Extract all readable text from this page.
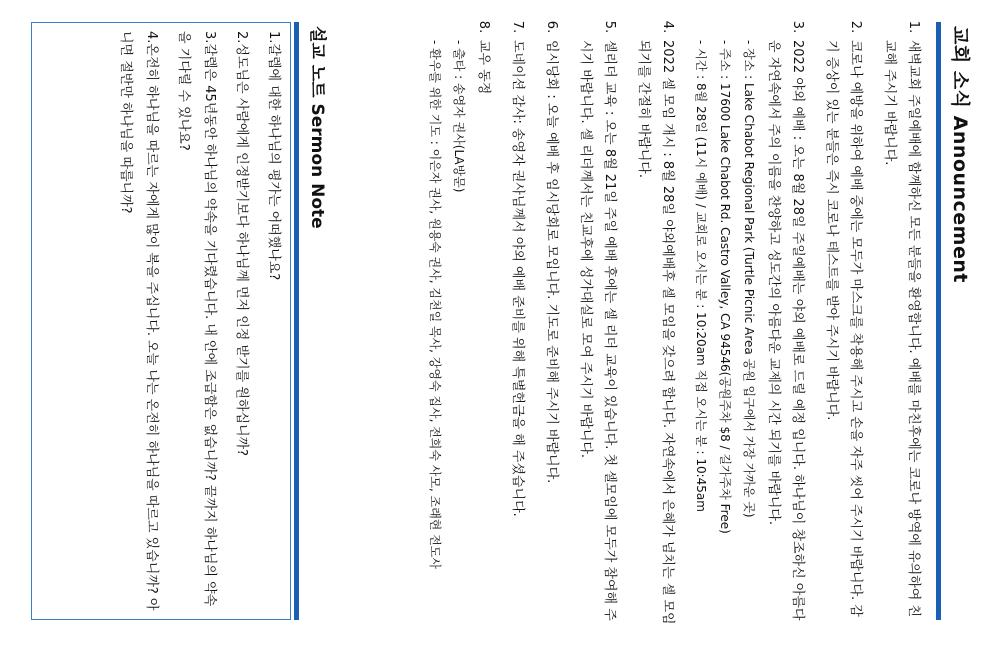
교회 소식 Announcement
1.
새벽교회 주일예배에 함께하신 모든 분들을 환영합니다. 예배를 마친후에는 코로나 방역에 유의하여 친교해 주시기 바랍니다.
2.
코로나 예방을 위하여 예배 중에는 모두가 마스크를 착용해 주시고 손을 자주 씻어 주시기 바랍니다. 감기 증상이 있는 분들은 즉시 코로나 테스트를 받아 주시기 바랍니다.
3.
2022 야외 예배 : 오는 8월 28일 주일예배는 야외 예배로 드릴 예정 입니다. 하나님이 창조하신 아름다운 자연속에서 주의 이름을 찬양하고 성도간의 아름다운 교제의 시간 되기를 바랍니다.
- 장소 : Lake Chabot Regional Park (Turtle Picnic Area 공원 입구에서 가장 가까운 곳)
- 주소 : 17600 Lake Chabot Rd. Castro Valley, CA 94546(공원주차 $8 / 길가주차 Free)
- 시간 : 8월 28일 (11시 예배) / 교회로 오시는 분 : 10:20am 직접 오시는 분 : 10:45am
4.
2022 셀 모임 개시 : 8월 28일 야외예배후 셀 모임을 갖으려 합니다. 자연속에서 은혜가 넘치는 셀 모임 되기를 간절히 바랍니다.
5.
셀리더 교육 : 오는 8월 21일 주일 예배 후에는 셀 리더 교육이 있습니다. 첫 셀모임에 모두가 참여해 주시기 바랍니다. 셀 리더께서는 친교후에 성가대실로 모여 주시기 바랍니다.
6.
임시당회 : 오늘 예배 후 임시당회로 모입니다. 기도로 준비해 주시기 바랍니다.
7.
도네이션 감사: 송영자 권사님께서 야외 예배 준비를 위해 특별헌금을 해 주셨습니다.
8.
교우 동정
- 출타 : 송영자 권사(LA방문)
- 환우를 위한 기도 : 이은자 권사, 원용숙 권사, 김천일 목사, 강영숙 집사, 전희숙 사모, 조래현 전도사
설교 노트 Sermon Note

1.갈렙에 대한 하나님의 평가는 어떠했나요?

2.성도님은 사람에게 인정받기보다 하나님께 먼저 인정 받기를 원하십니까?

3.갈렙은 45년동안 하나님의 약속을 기다렸습니다. 내 안에 조급함은 없습니까? 끝까지 하나님의 약속을 기다릴 수 있나요?

4.온전히 하나님을 따르는 자에게 많이 복을 주십니다. 오늘 나는 온전히 하나님을 따르고 있습니까? 아니면 절반만 하나님을 따릅니까?
